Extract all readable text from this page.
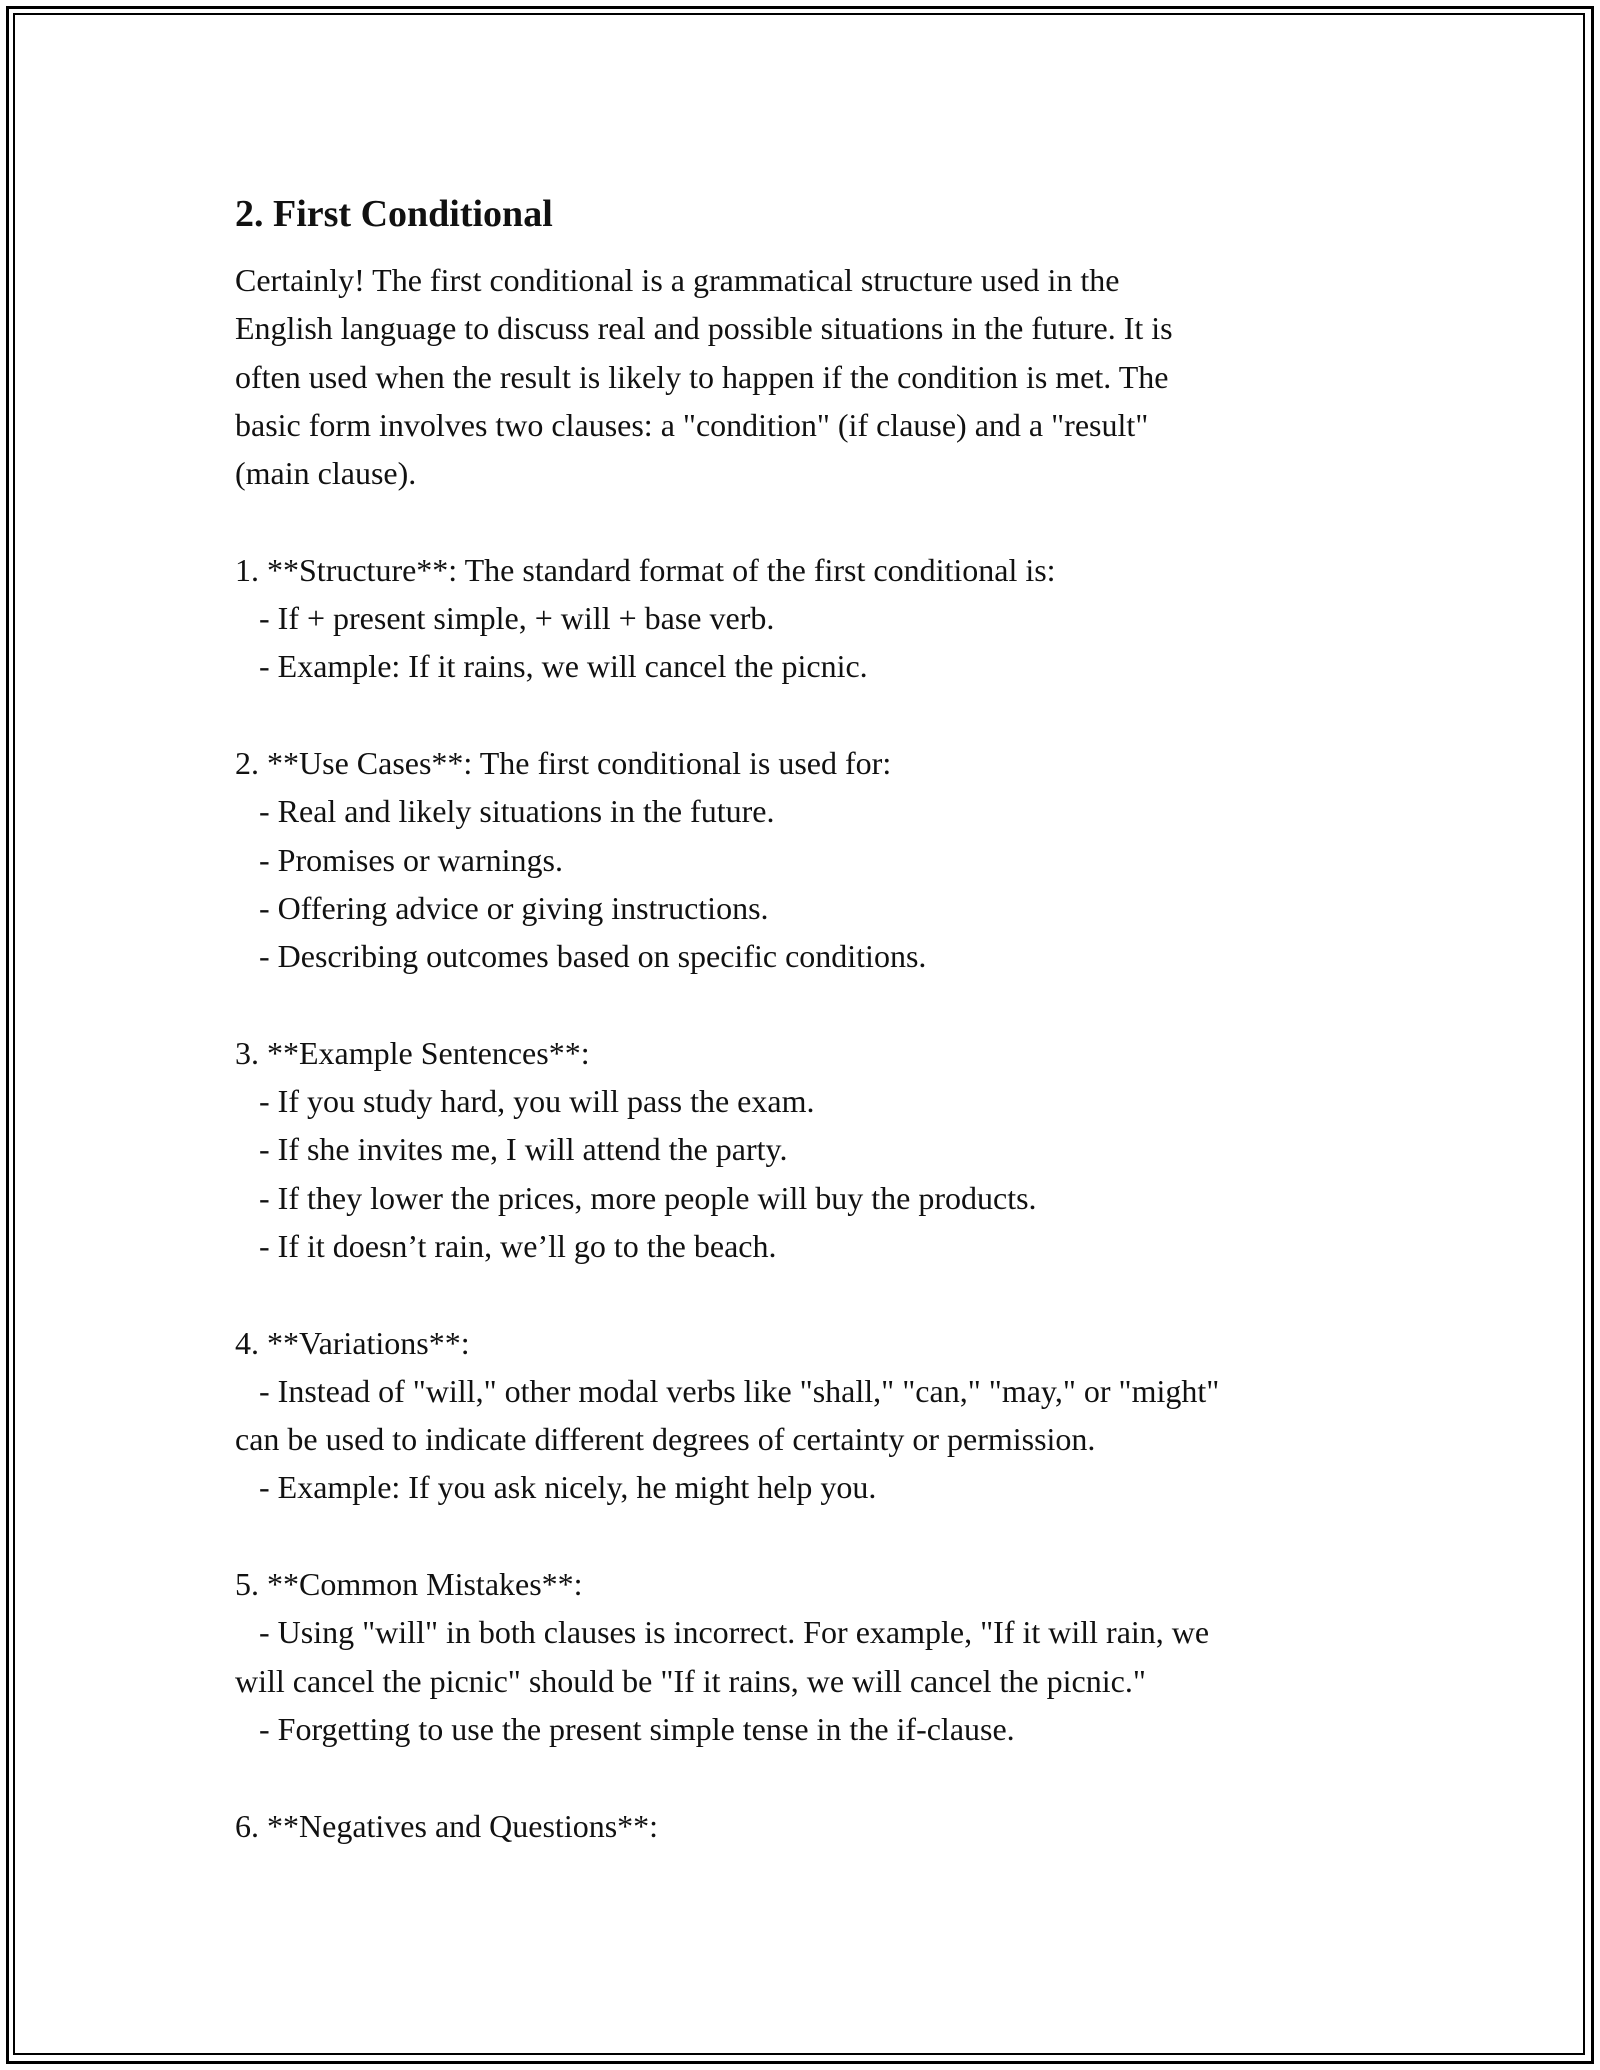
2. First Conditional
Certainly! The first conditional is a grammatical structure used in the
English language to discuss real and possible situations in the future. It is
often used when the result is likely to happen if the condition is met. The
basic form involves two clauses: a "condition" (if clause) and a "result"
(main clause).
1. **Structure**: The standard format of the first conditional is:
- If + present simple, + will + base verb.
- Example: If it rains, we will cancel the picnic.
2. **Use Cases**: The first conditional is used for:
- Real and likely situations in the future.
- Promises or warnings.
- Offering advice or giving instructions.
- Describing outcomes based on specific conditions.
3. **Example Sentences**:
- If you study hard, you will pass the exam.
- If she invites me, I will attend the party.
- If they lower the prices, more people will buy the products.
- If it doesn’t rain, we’ll go to the beach.
4. **Variations**:
- Instead of "will," other modal verbs like "shall," "can," "may," or "might"
can be used to indicate different degrees of certainty or permission.
- Example: If you ask nicely, he might help you.
5. **Common Mistakes**:
- Using "will" in both clauses is incorrect. For example, "If it will rain, we
will cancel the picnic" should be "If it rains, we will cancel the picnic."
- Forgetting to use the present simple tense in the if-clause.
6. **Negatives and Questions**:
